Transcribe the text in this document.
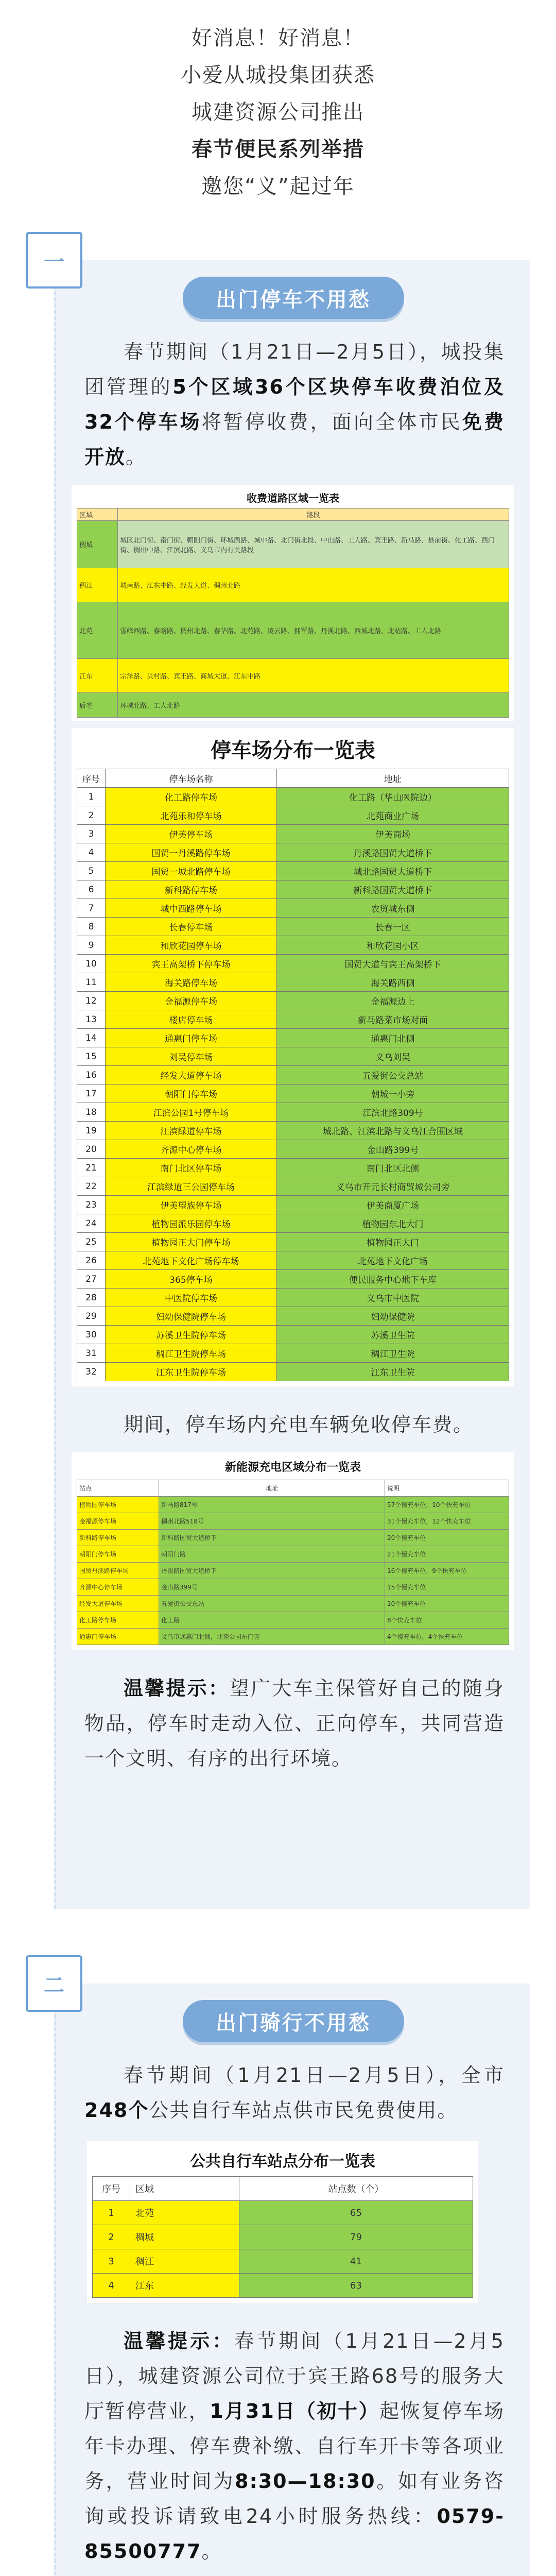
好消息！好消息！

小爱从城投集团获悉

城建资源公司推出

春节便民系列举措

邀您“义”起过年

出门停车不用愁

春节期间（1月21日—2月5日），城投集团管理的5个区域36个区块停车收费泊位及32个停车场将暂停收费，面向全体市民免费开放。

收费道路区域一览表
区域	路段
稠城	城区北门街、南门街、朝阳门街、环城西路、城中路、北门街北段、中山路、工人路、宾王路、新马路、县前街、化工路、西门街、稠州中路、江滨北路、义乌市内有关路段
稠江	城南路、江东中路、经发大道、稠州北路
北苑	雪峰西路、春晗路、稠州北路、春华路、北苑路、凌云路、拥军路、丹溪北路、西城北路、北站路、工人北路
江东	宗泽路、贝村路、宾王路、商城大道、江东中路
后宅	环城北路、工人北路
停车场分布一览表
序号	停车场名称	地址
1	化工路停车场	化工路（华山医院边）
2	北苑乐和停车场	北苑商业广场
3	伊美停车场	伊美商场
4	国贸一丹溪路停车场	丹溪路国贸大道桥下
5	国贸一城北路停车场	城北路国贸大道桥下
6	新科路停车场	新科路国贸大道桥下
7	城中西路停车场	农贸城东侧
8	长春停车场	长春一区
9	和欣花园停车场	和欣花园小区
10	宾王高架桥下停车场	国贸大道与宾王高架桥下
11	海关路停车场	海关路西侧
12	金福源停车场	金福源边上
13	楼店停车场	新马路菜市场对面
14	通惠门停车场	通惠门北侧
15	刘吴停车场	义乌刘吴
16	经发大道停车场	五爱街公交总站
17	朝阳门停车场	朝城一小旁
18	江滨公园1号停车场	江滨北路309号
19	江滨绿道停车场	城北路、江滨北路与义乌江合围区域
20	齐源中心停车场	金山路399号
21	南门北区停车场	南门北区北侧
22	江滨绿道三公园停车场	义乌市开元长村商贸城公司旁
23	伊美望族停车场	伊美商厦广场
24	植物园派乐园停车场	植物园东北大门
25	植物园正大门停车场	植物园正大门
26	北苑地下文化广场停车场	北苑地下文化广场
27	365停车场	便民服务中心地下车库
28	中医院停车场	义乌市中医院
29	妇幼保健院停车场	妇幼保健院
30	苏溪卫生院停车场	苏溪卫生院
31	稠江卫生院停车场	稠江卫生院
32	江东卫生院停车场	江东卫生院

期间，停车场内充电车辆免收停车费。

新能源充电区域分布一览表
站点	地址	说明
植物园停车场	新马路817号	57个慢充车位，10个快充车位
金福源停车场	稠州北路518号	31个慢充车位，12个快充车位
新科路停车场	新科路国贸大道桥下	20个慢充车位
朝阳门停车场	朝阳门路	21个慢充车位
国贸丹溪路停车场	丹溪路国贸大道桥下	16个慢充车位，9个快充车位
齐源中心停车场	金山路399号	15个慢充车位
经发大道停车场	五爱街公交总站	10个慢充车位
化工路停车场	化工路	8个快充车位
通惠门停车场	义乌市通惠门北侧，北苑公园东门旁	4个慢充车位，4个快充车位

温馨提示：望广大车主保管好自己的随身物品，停车时走动入位、正向停车，共同营造一个文明、有序的出行环境。

一
出门骑行不用愁

春节期间（1月21日—2月5日），全市248个公共自行车站点供市民免费使用。

公共自行车站点分布一览表
序号	区域	站点数（个）
1	北苑	65
2	稠城	79
3	稠江	41
4	江东	63

温馨提示：春节期间（1月21日—2月5日），城建资源公司位于宾王路68号的服务大厅暂停营业，1月31日（初十）起恢复停车场年卡办理、停车费补缴、自行车开卡等各项业务，营业时间为8:30—18:30。如有业务咨询或投诉请致电24小时服务热线：0579-85500777。

二
